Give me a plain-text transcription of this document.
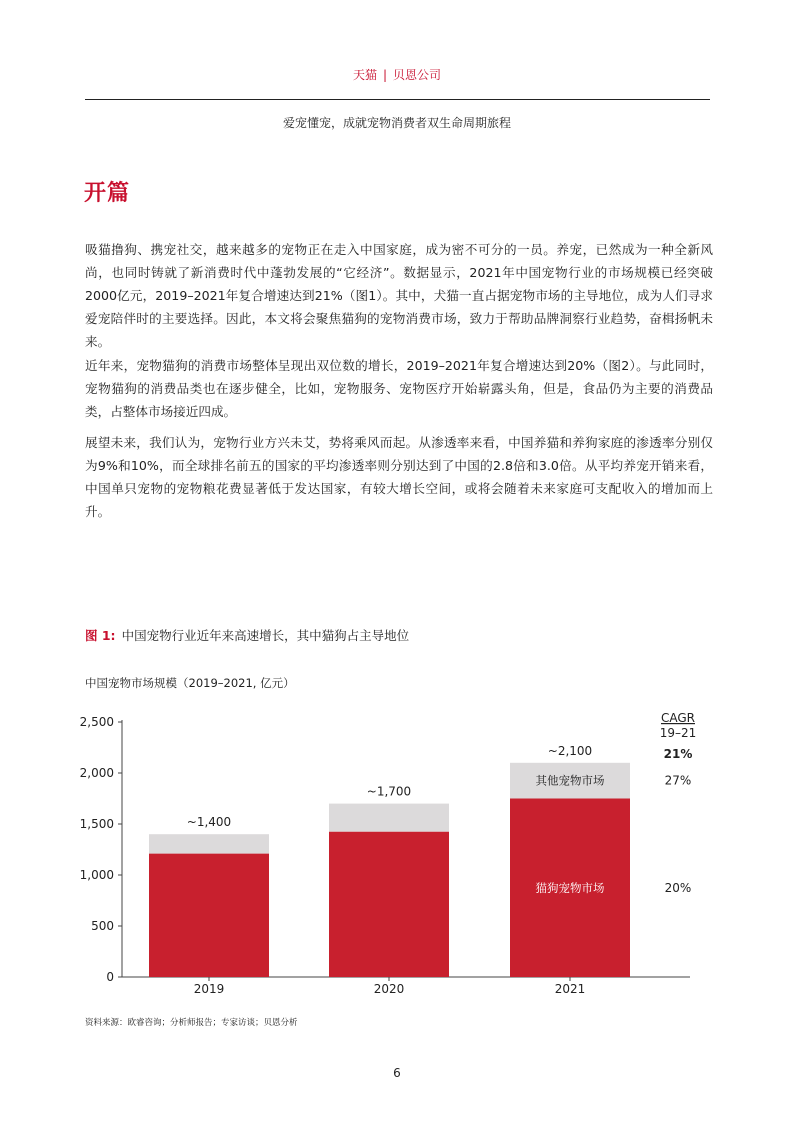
天猫 | 贝恩公司
爱宠懂宠，成就宠物消费者双生命周期旅程
开篇

吸猫撸狗、携宠社交，越来越多的宠物正在走入中国家庭，成为密不可分的一员。养宠，已然成为一种全新风尚，也同时铸就了新消费时代中蓬勃发展的“它经济”。数据显示，2021年中国宠物行业的市场规模已经突破2000亿元，2019–2021年复合增速达到21%（图1）。其中，犬猫一直占据宠物市场的主导地位，成为人们寻求爱宠陪伴时的主要选择。因此，本文将会聚焦猫狗的宠物消费市场，致力于帮助品牌洞察行业趋势，奋楫扬帆未来。

近年来，宠物猫狗的消费市场整体呈现出双位数的增长，2019–2021年复合增速达到20%（图2）。与此同时，宠物猫狗的消费品类也在逐步健全，比如，宠物服务、宠物医疗开始崭露头角，但是，食品仍为主要的消费品类，占整体市场接近四成。

展望未来，我们认为，宠物行业方兴未艾，势将乘风而起。从渗透率来看，中国养猫和养狗家庭的渗透率分别仅为9%和10%，而全球排名前五的国家的平均渗透率则分别达到了中国的2.8倍和3.0倍。从平均养宠开销来看，中国单只宠物的宠物粮花费显著低于发达国家，有较大增长空间，或将会随着未来家庭可支配收入的增加而上升。

图 1: 中国宠物行业近年来高速增长，其中猫狗占主导地位
中国宠物市场规模（2019–2021, 亿元）
0
500
1,000
1,500
2,000
2,500
~1,400
2019
~1,700
2020
~2,100
2021
其他宠物市场
猫狗宠物市场
CAGR
19–21
21%
27%
20%
资料来源：欧睿咨询；分析师报告；专家访谈；贝恩分析
6
